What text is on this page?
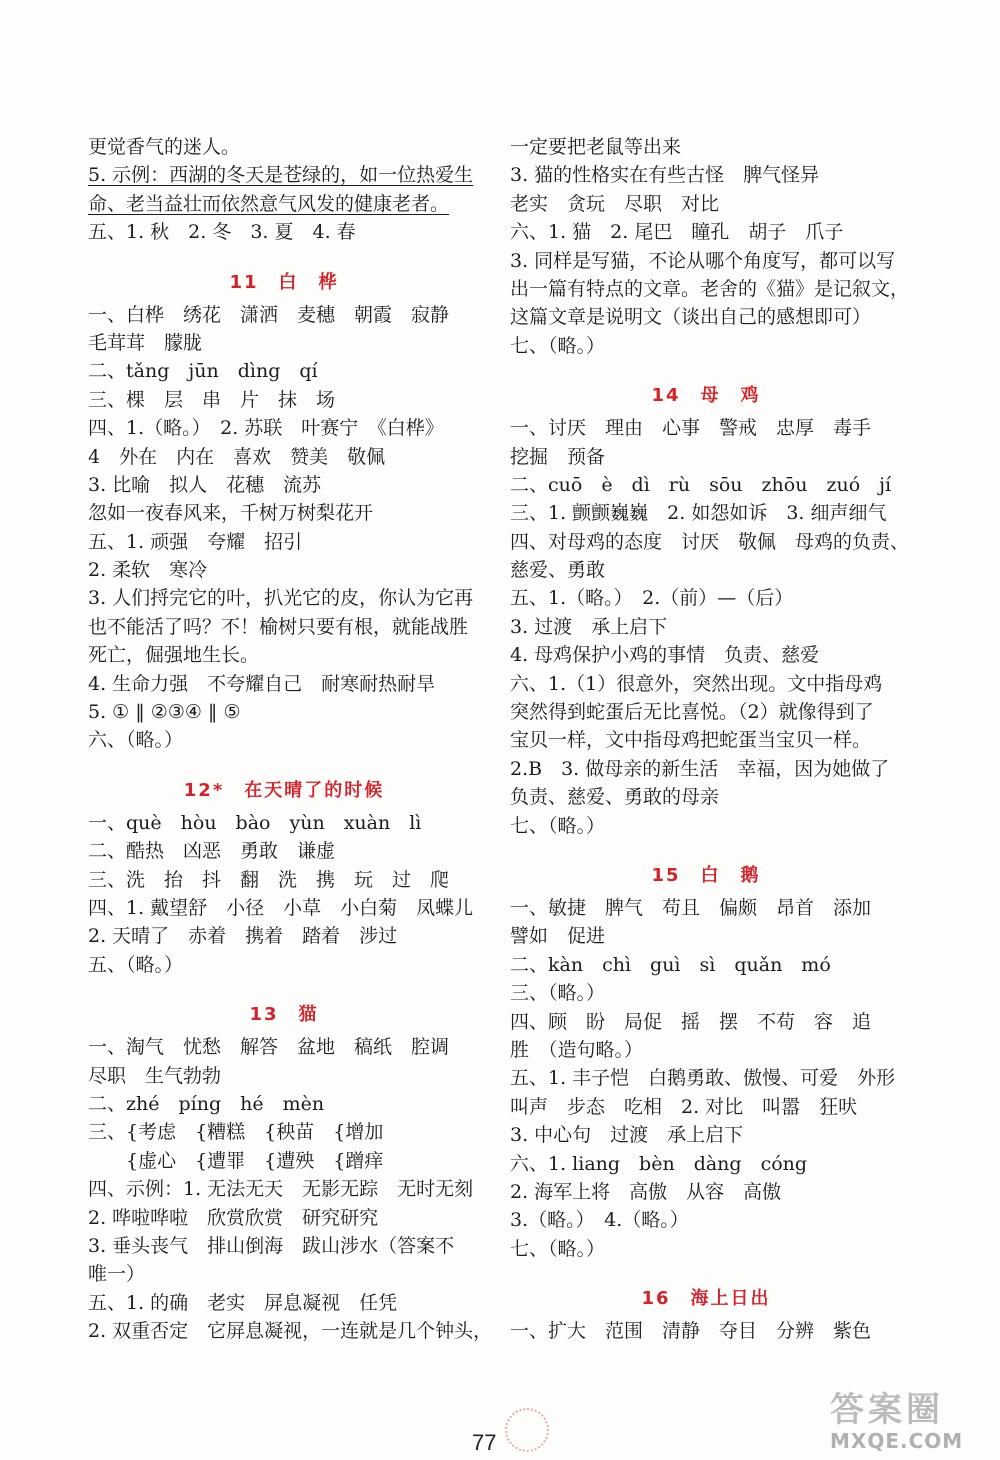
更觉香气的迷人。
5. 示例：西湖的冬天是苍绿的，如一位热爱生
命、老当益壮而依然意气风发的健康老者。
五、1. 秋　2. 冬　3. 夏　4. 春
11　白　桦
一、白桦　绣花　潇洒　麦穗　朝霞　寂静
毛茸茸　朦胧
二、tǎng　jūn　dìng　qí
三、棵　层　串　片　抹　场
四、1.（略。）　2. 苏联　叶赛宁　《白桦》
4　外在　内在　喜欢　赞美　敬佩
3. 比喻　拟人　花穗　流苏
忽如一夜春风来，千树万树梨花开
五、1. 顽强　夸耀　招引
2. 柔软　寒冷
3. 人们捋完它的叶，扒光它的皮，你认为它再
也不能活了吗？不！榆树只要有根，就能战胜
死亡，倔强地生长。
4. 生命力强　不夸耀自己　耐寒耐热耐旱
5. ① ‖ ②③④ ‖ ⑤
六、（略。）
12*　在天晴了的时候
一、què　hòu　bào　yùn　xuàn　lì
二、酷热　凶恶　勇敢　谦虚
三、洗　抬　抖　翻　洗　携　玩　过　爬
四、1. 戴望舒　小径　小草　小白菊　凤蝶儿
2. 天晴了　赤着　携着　踏着　涉过
五、（略。）
13　猫
一、淘气　忧愁　解答　盆地　稿纸　腔调
尽职　生气勃勃
二、zhé　píng　hé　mèn
三、{考虑　{糟糕　{秧苗　{增加
　　{虚心　{遭罪　{遭殃　{蹭痒
四、示例：1. 无法无天　无影无踪　无时无刻
2. 哗啦哗啦　欣赏欣赏　研究研究
3. 垂头丧气　排山倒海　跋山涉水（答案不
唯一）
五、1. 的确　老实　屏息凝视　任凭
2. 双重否定　它屏息凝视，一连就是几个钟头，
一定要把老鼠等出来
3. 猫的性格实在有些古怪　脾气怪异
老实　贪玩　尽职　对比
六、1. 猫　2. 尾巴　瞳孔　胡子　爪子
3. 同样是写猫，不论从哪个角度写，都可以写
出一篇有特点的文章。老舍的《猫》是记叙文，
这篇文章是说明文（谈出自己的感想即可）
七、（略。）
14　母　鸡
一、讨厌　理由　心事　警戒　忠厚　毒手
挖掘　预备
二、cuō　è　dì　rù　sōu　zhōu　zuó　jí
三、1. 颤颤巍巍　2. 如怨如诉　3. 细声细气
四、对母鸡的态度　讨厌　敬佩　母鸡的负责、
慈爱、勇敢
五、1.（略。）　2.（前）—（后）
3. 过渡　承上启下
4. 母鸡保护小鸡的事情　负责、慈爱
六、1.（1）很意外，突然出现。文中指母鸡
突然得到蛇蛋后无比喜悦。（2）就像得到了
宝贝一样，文中指母鸡把蛇蛋当宝贝一样。
2.B　3. 做母亲的新生活　幸福，因为她做了
负责、慈爱、勇敢的母亲
七、（略。）
15　白　鹅
一、敏捷　脾气　苟且　偏颇　昂首　添加
譬如　促进
二、kàn　chì　guì　sì　quǎn　mó
三、（略。）
四、顾　盼　局促　摇　摆　不苟　容　追
胜　（造句略。）
五、1. 丰子恺　白鹅勇敢、傲慢、可爱　外形
叫声　步态　吃相　2. 对比　叫嚣　狂吠
3. 中心句　过渡　承上启下
六、1. liang　bèn　dàng　cóng
2. 海军上将　高傲　从容　高傲
3.（略。）　4.（略。）
七、（略。）
16　海上日出
一、扩大　范围　清静　夺目　分辨　紫色
77
答案圈
MXQE.COM
